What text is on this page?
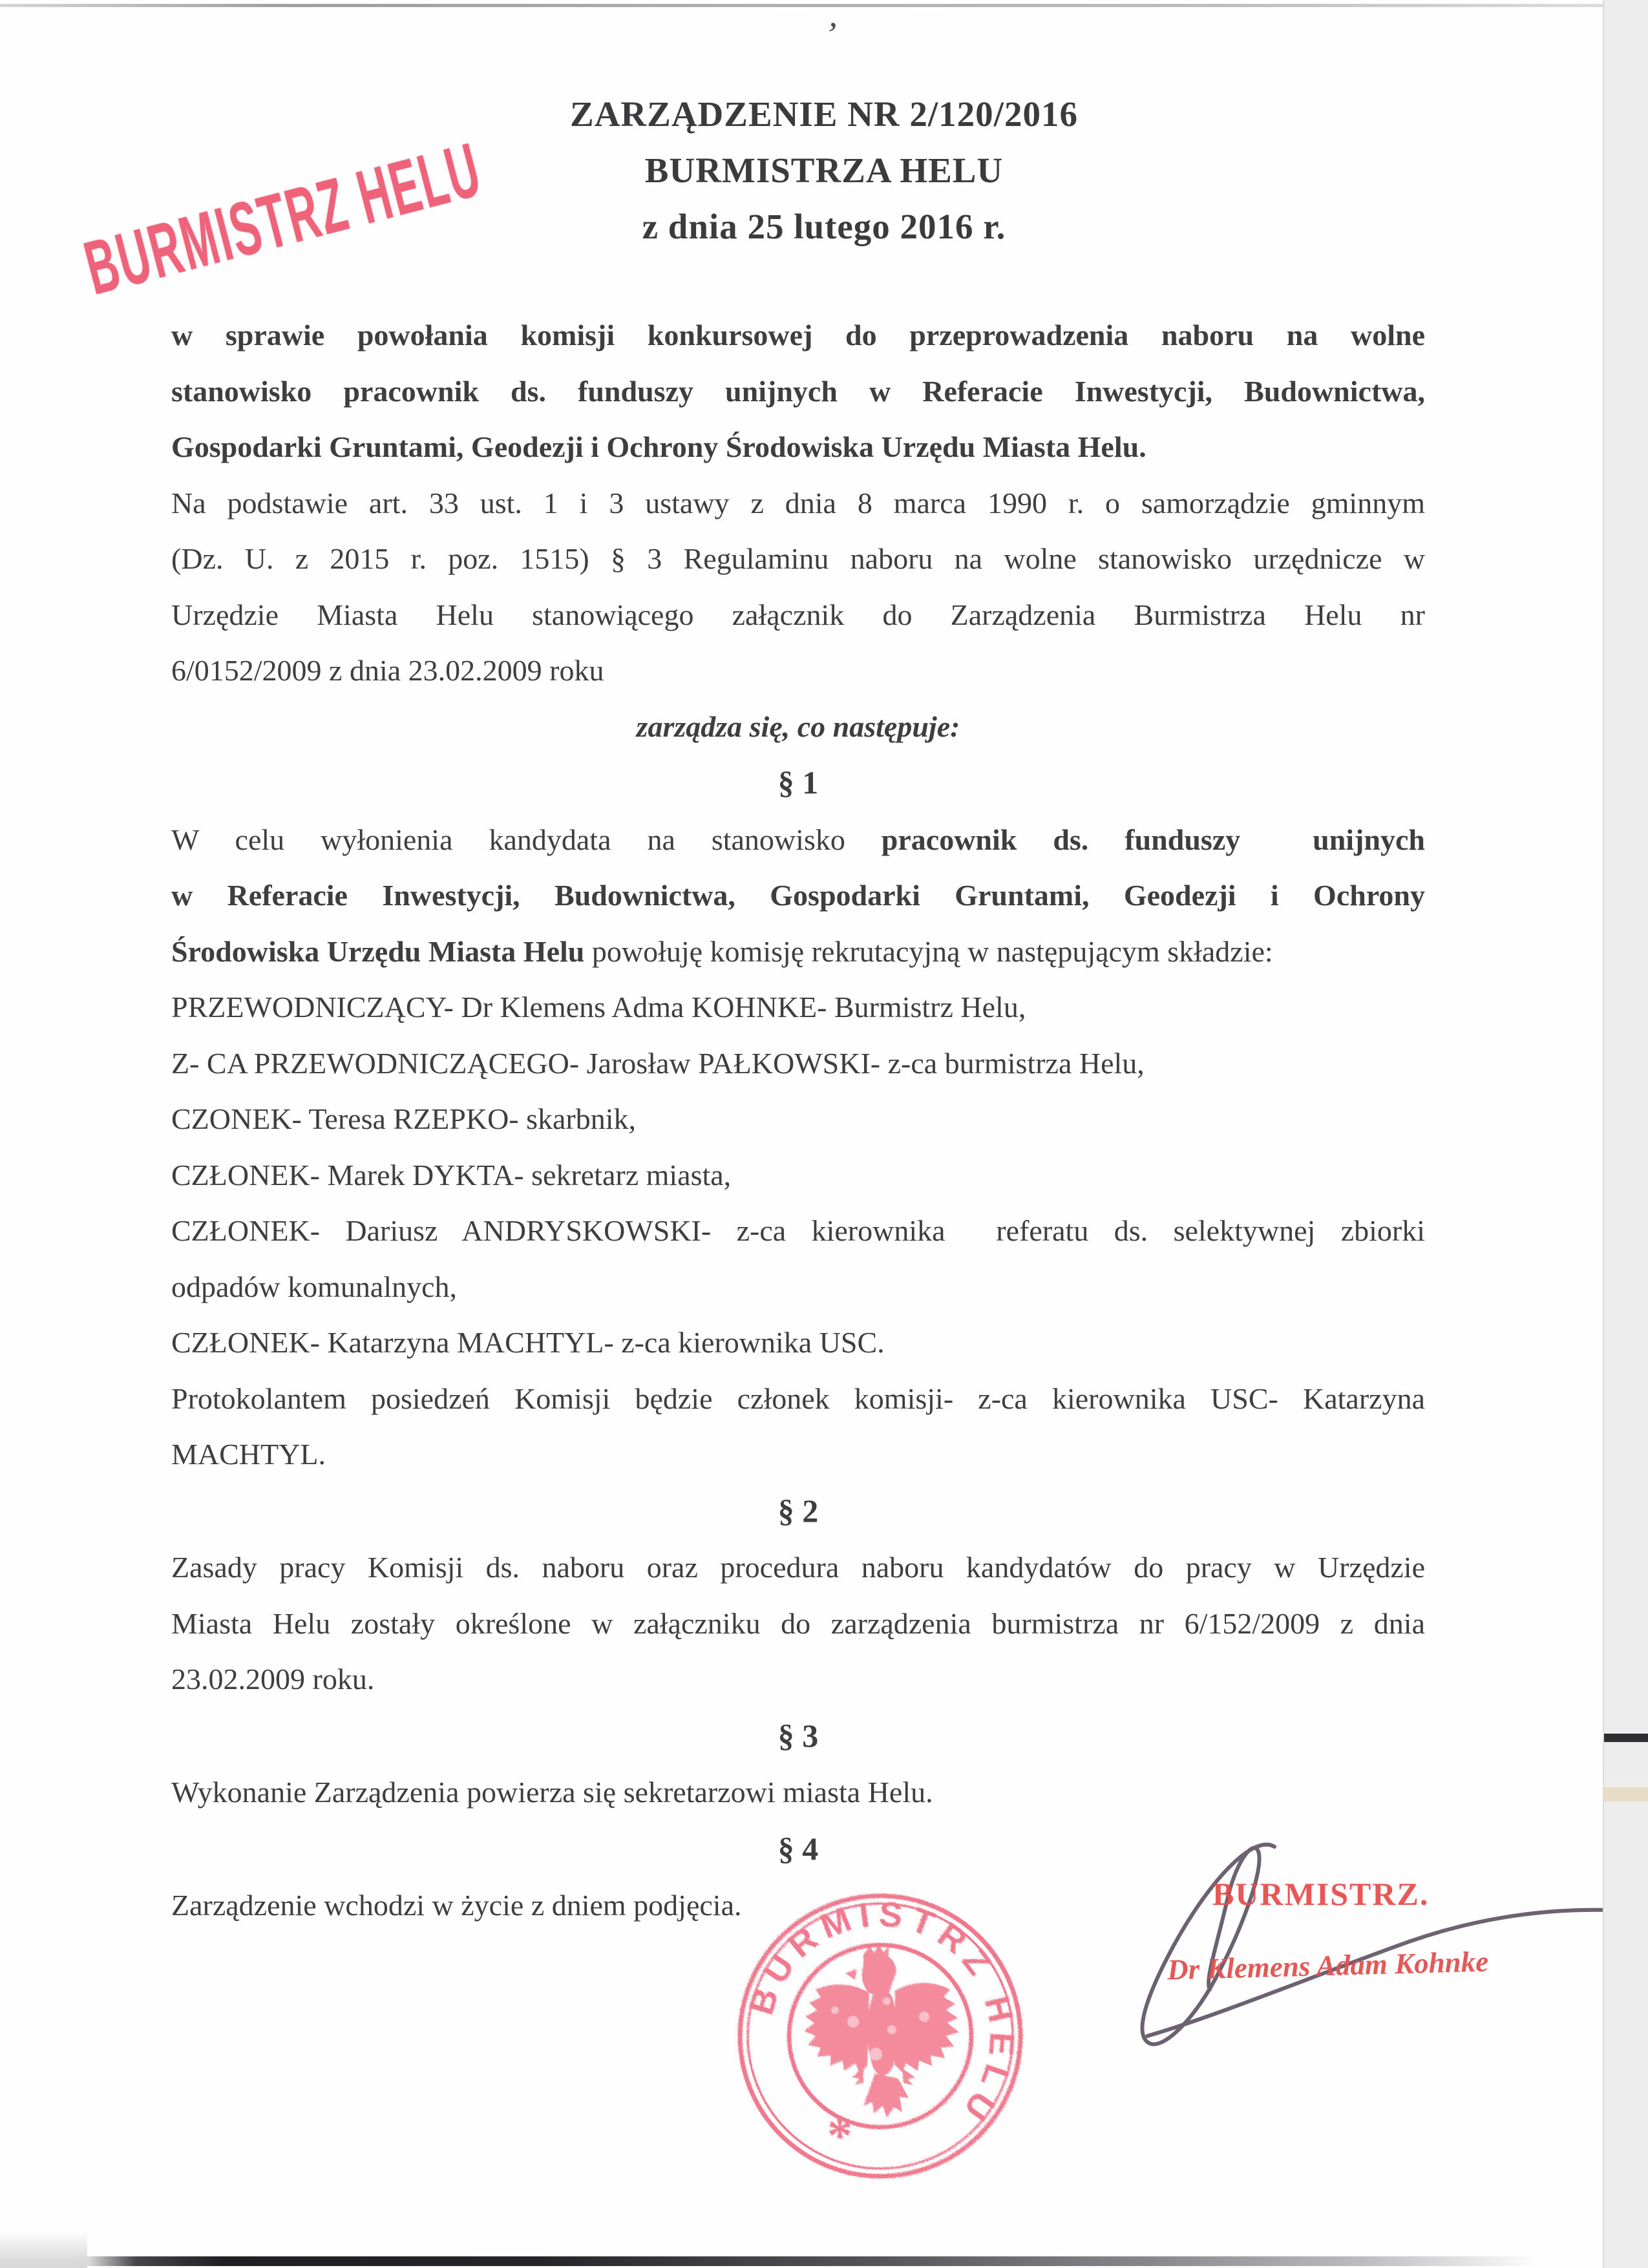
’
BURMISTRZ HELU
ZARZĄDZENIE NR 2/120/2016
BURMISTRZA HELU
z dnia 25 lutego 2016 r.
w sprawie powołania komisji konkursowej do przeprowadzenia naboru na wolne
stanowisko pracownik ds. funduszy unijnych w Referacie Inwestycji, Budownictwa,
Gospodarki Gruntami, Geodezji i Ochrony Środowiska Urzędu Miasta Helu.
Na podstawie art. 33 ust. 1 i 3 ustawy z dnia 8 marca 1990 r. o samorządzie gminnym
(Dz. U. z 2015 r. poz. 1515) § 3 Regulaminu naboru na wolne stanowisko urzędnicze w
Urzędzie Miasta Helu stanowiącego załącznik do Zarządzenia Burmistrza Helu nr
6/0152/2009 z dnia 23.02.2009 roku
zarządza się, co następuje:
§ 1
W celu wyłonienia kandydata na stanowisko pracownik ds. funduszy  unijnych
w Referacie Inwestycji, Budownictwa, Gospodarki Gruntami, Geodezji i Ochrony
Środowiska Urzędu Miasta Helu powołuję komisję rekrutacyjną w następującym składzie:
PRZEWODNICZĄCY- Dr Klemens Adma KOHNKE- Burmistrz Helu,
Z- CA PRZEWODNICZĄCEGO- Jarosław PAŁKOWSKI- z-ca burmistrza Helu,
CZONEK- Teresa RZEPKO- skarbnik,
CZŁONEK- Marek DYKTA- sekretarz miasta,
CZŁONEK- Dariusz ANDRYSKOWSKI- z-ca kierownika  referatu ds. selektywnej zbiorki
odpadów komunalnych,
CZŁONEK- Katarzyna MACHTYL- z-ca kierownika USC.
Protokolantem posiedzeń Komisji będzie członek komisji- z-ca kierownika USC- Katarzyna
MACHTYL.
§ 2
Zasady pracy Komisji ds. naboru oraz procedura naboru kandydatów do pracy w Urzędzie
Miasta Helu zostały określone w załączniku do zarządzenia burmistrza nr 6/152/2009 z dnia
23.02.2009 roku.
§ 3
Wykonanie Zarządzenia powierza się sekretarzowi miasta Helu.
§ 4
Zarządzenie wchodzi w życie z dniem podjęcia.	BURMISTRZ.
Dr Klemens Adam Kohnke
BURMISTRZ HELU
*
